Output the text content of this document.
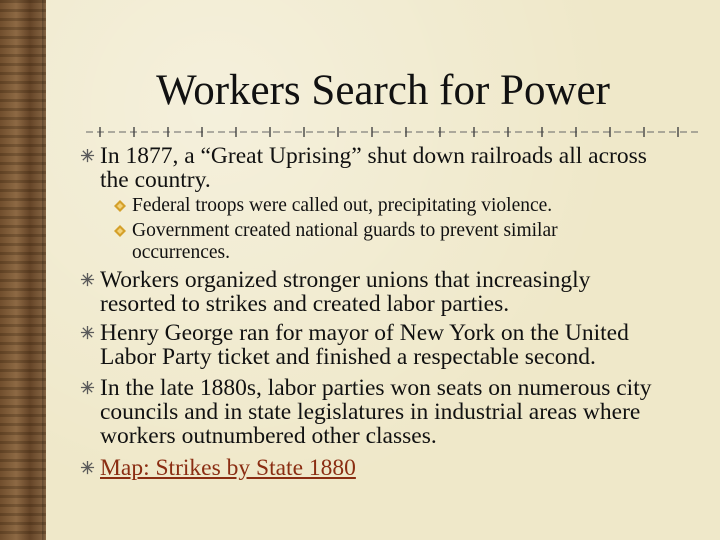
Workers Search for Power
In 1877, a “Great Uprising” shut down railroads all across
the country.
Federal troops were called out, precipitating violence.
Government created national guards to prevent similar
occurrences.
Workers organized stronger unions that increasingly
resorted to strikes and created labor parties.
Henry George ran for mayor of New York on the United
Labor Party ticket and finished a respectable second.
In the late 1880s, labor parties won seats on numerous city
councils and in state legislatures in industrial areas where
workers outnumbered other classes.
Map: Strikes by State 1880
